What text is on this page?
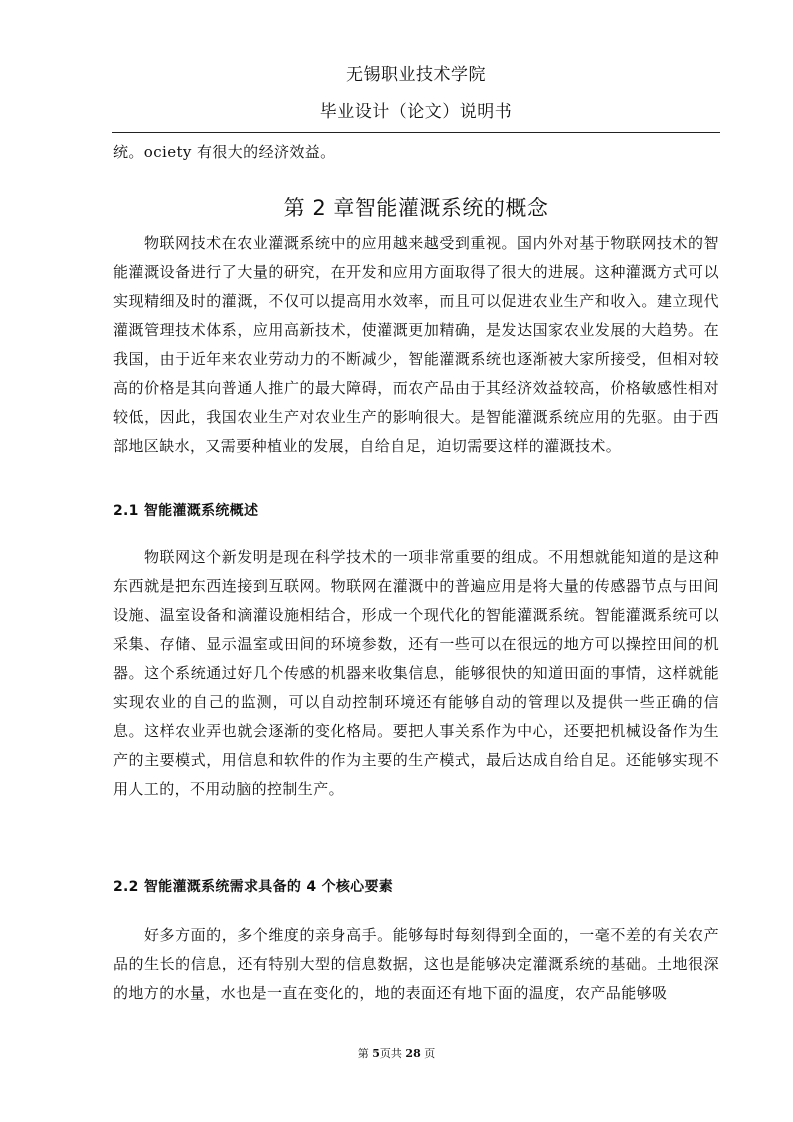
无锡职业技术学院
毕业设计（论文）说明书
统。ociety 有很大的经济效益。
第 2 章智能灌溉系统的概念
物联网技术在农业灌溉系统中的应用越来越受到重视。国内外对基于物联网技术的智能灌溉设备进行了大量的研究，在开发和应用方面取得了很大的进展。这种灌溉方式可以实现精细及时的灌溉，不仅可以提高用水效率，而且可以促进农业生产和收入。建立现代灌溉管理技术体系，应用高新技术，使灌溉更加精确，是发达国家农业发展的大趋势。在我国，由于近年来农业劳动力的不断减少，智能灌溉系统也逐渐被大家所接受，但相对较高的价格是其向普通人推广的最大障碍，而农产品由于其经济效益较高，价格敏感性相对较低，因此，我国农业生产对农业生产的影响很大。是智能灌溉系统应用的先驱。由于西部地区缺水，又需要种植业的发展，自给自足，迫切需要这样的灌溉技术。
2.1 智能灌溉系统概述
物联网这个新发明是现在科学技术的一项非常重要的组成。不用想就能知道的是这种东西就是把东西连接到互联网。物联网在灌溉中的普遍应用是将大量的传感器节点与田间设施、温室设备和滴灌设施相结合，形成一个现代化的智能灌溉系统。智能灌溉系统可以采集、存储、显示温室或田间的环境参数，还有一些可以在很远的地方可以操控田间的机器。这个系统通过好几个传感的机器来收集信息，能够很快的知道田面的事情，这样就能实现农业的自己的监测，可以自动控制环境还有能够自动的管理以及提供一些正确的信息。这样农业弄也就会逐渐的变化格局。要把人事关系作为中心，还要把机械设备作为生产的主要模式，用信息和软件的作为主要的生产模式，最后达成自给自足。还能够实现不用人工的，不用动脑的控制生产。
2.2 智能灌溉系统需求具备的 4 个核心要素
好多方面的，多个维度的亲身高手。能够每时每刻得到全面的，一毫不差的有关农产品的生长的信息，还有特别大型的信息数据，这也是能够决定灌溉系统的基础。土地很深的地方的水量，水也是一直在变化的，地的表面还有地下面的温度，农产品能够吸
第 5页共 28 页
